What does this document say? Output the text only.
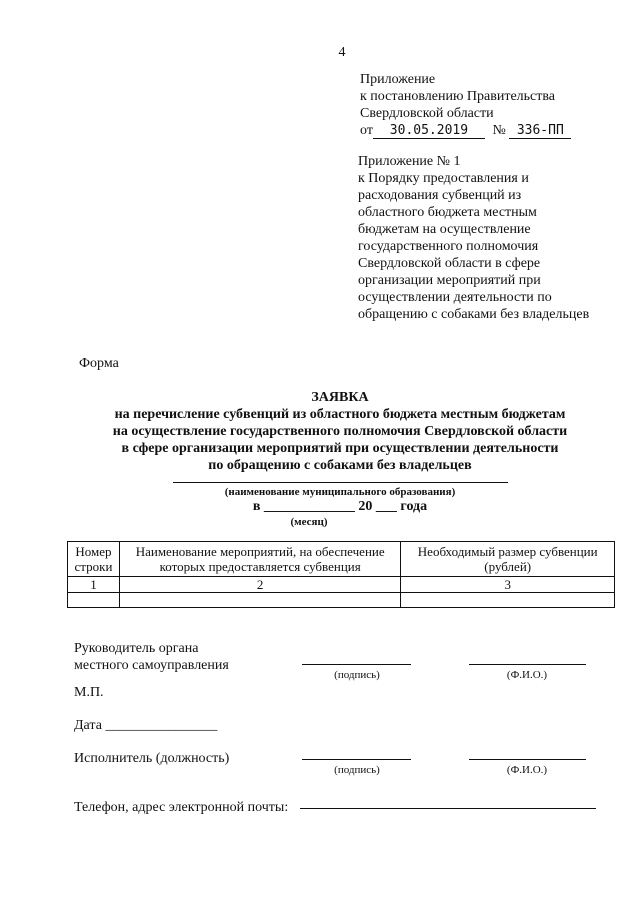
4
Приложение
к постановлению Правительства
Свердловской области
от 30.05.2019 № 336-ПП
Приложение № 1
к Порядку предоставления и
расходования субвенций из
областного бюджета местным
бюджетам на осуществление
государственного полномочия
Свердловской области в сфере
организации мероприятий при
осуществлении деятельности по
обращению с собаками без владельцев
Форма
ЗАЯВКА
на перечисление субвенций из областного бюджета местным бюджетам
на осуществление государственного полномочия Свердловской области
в сфере организации мероприятий при осуществлении деятельности
по обращению с собаками без владельцев
(наименование муниципального образования)
в _____________ 20 ___ года
(месяц)
Номер строки	Наименование мероприятий, на обеспечение которых предоставляется субвенция	Необходимый размер субвенции (рублей)
1	2	3

Руководитель органа
местного самоуправления
(подпись)	(Ф.И.О.)
М.П.
Дата ________________
Исполнитель (должность)
(подпись)	(Ф.И.О.)
Телефон, адрес электронной почты:
